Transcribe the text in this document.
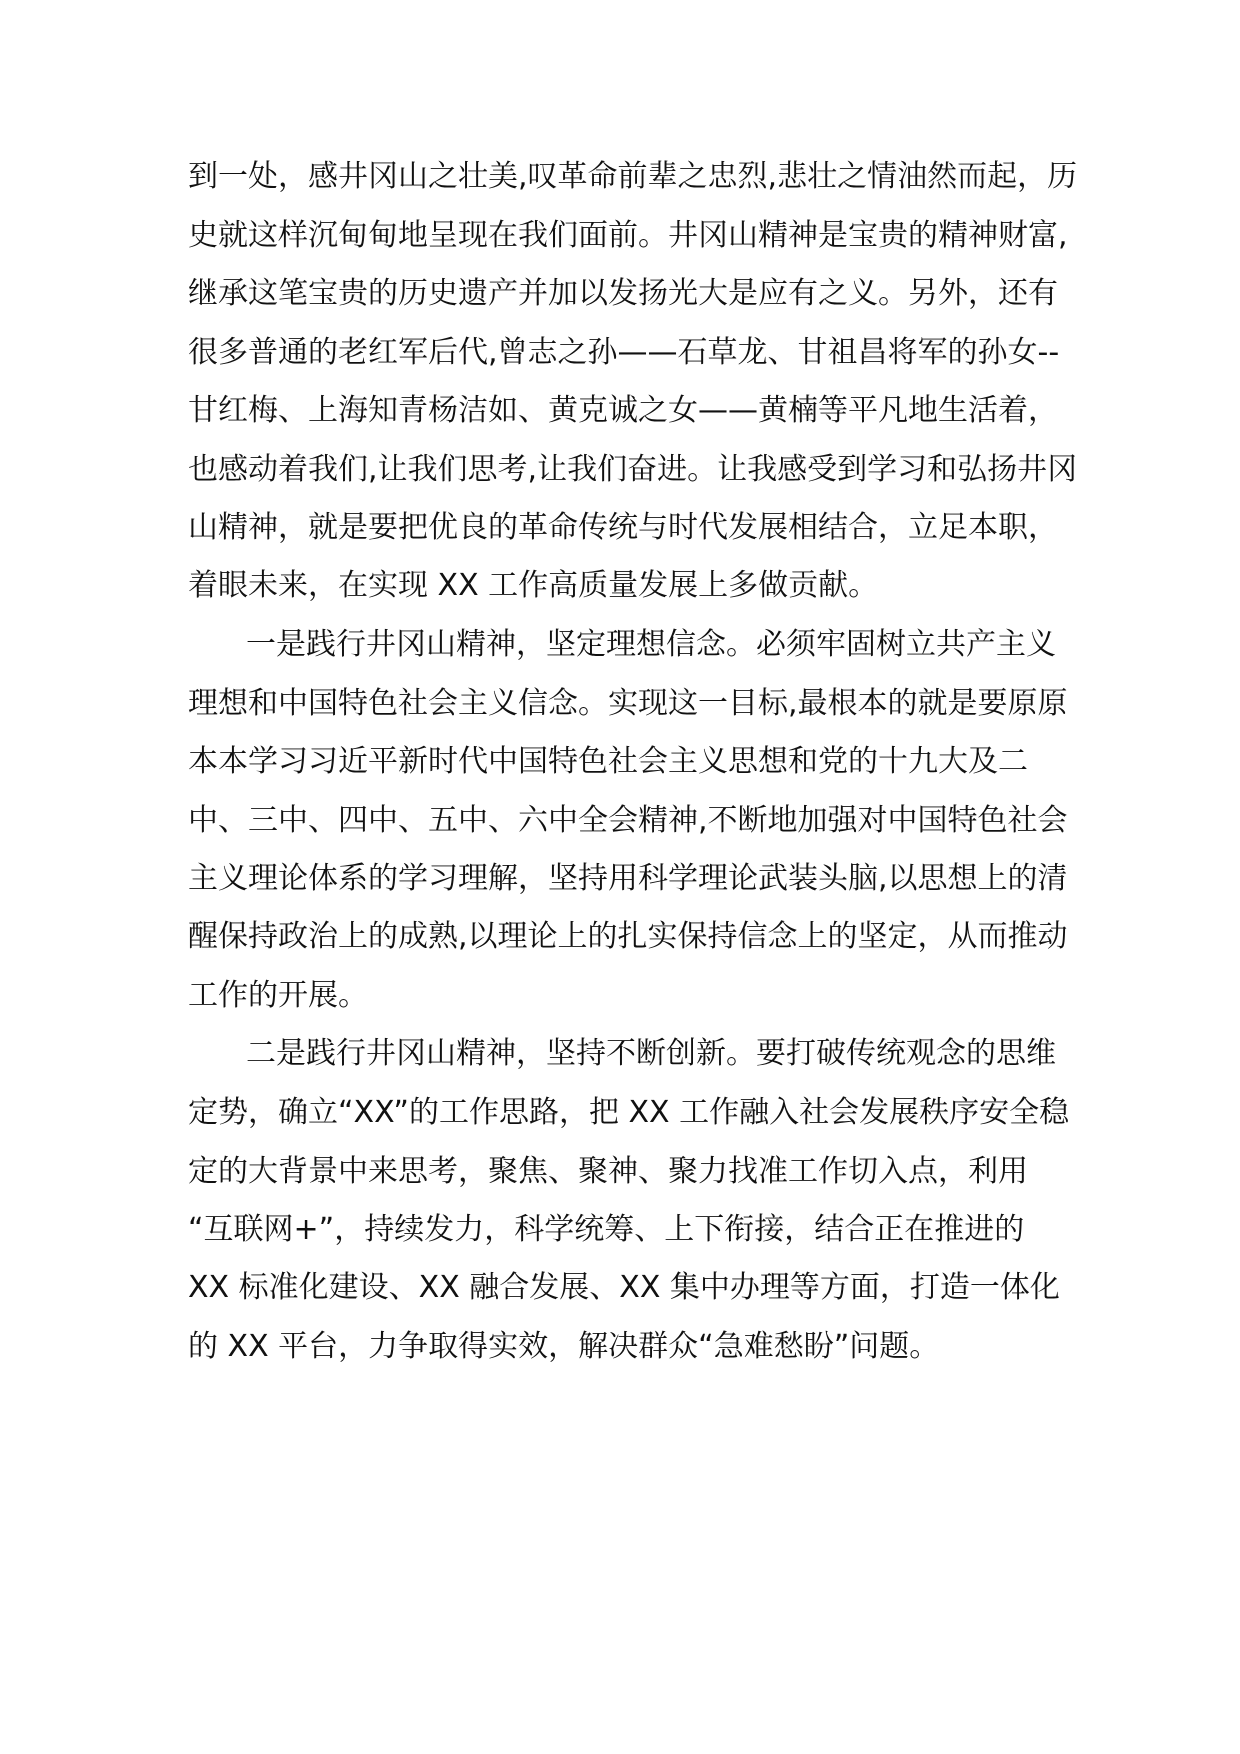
到一处，感井冈山之壮美,叹革命前辈之忠烈,悲壮之情油然而起，历
史就这样沉甸甸地呈现在我们面前。井冈山精神是宝贵的精神财富,
继承这笔宝贵的历史遗产并加以发扬光大是应有之义。另外，还有
很多普通的老红军后代,曾志之孙——石草龙、甘祖昌将军的孙女--
甘红梅、上海知青杨洁如、黄克诚之女——黄楠等平凡地生活着，
也感动着我们,让我们思考,让我们奋进。让我感受到学习和弘扬井冈
山精神，就是要把优良的革命传统与时代发展相结合，立足本职，
着眼未来，在实现 XX 工作高质量发展上多做贡献。
一是践行井冈山精神，坚定理想信念。必须牢固树立共产主义
理想和中国特色社会主义信念。实现这一目标,最根本的就是要原原
本本学习习近平新时代中国特色社会主义思想和党的十九大及二
中、三中、四中、五中、六中全会精神,不断地加强对中国特色社会
主义理论体系的学习理解，坚持用科学理论武装头脑,以思想上的清
醒保持政治上的成熟,以理论上的扎实保持信念上的坚定，从而推动
工作的开展。
二是践行井冈山精神，坚持不断创新。要打破传统观念的思维
定势，确立“XX”的工作思路，把 XX 工作融入社会发展秩序安全稳
定的大背景中来思考，聚焦、聚神、聚力找准工作切入点，利用
“互联网+”，持续发力，科学统筹、上下衔接，结合正在推进的
XX 标准化建设、XX 融合发展、XX 集中办理等方面，打造一体化
的 XX 平台，力争取得实效，解决群众“急难愁盼”问题。
